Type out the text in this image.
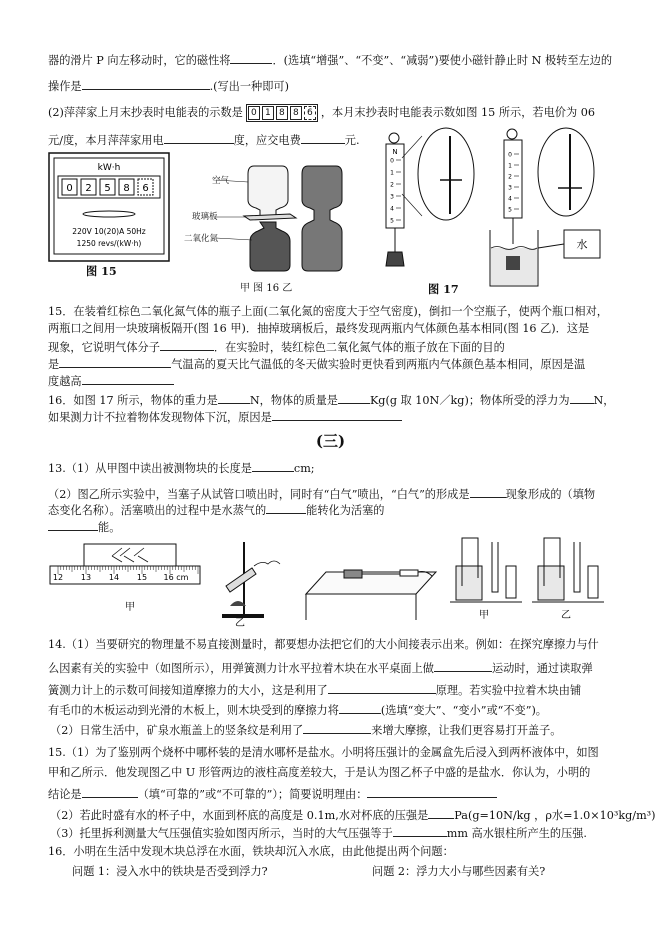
器的滑片 P 向左移动时，它的磁性将	．(选填“增强”、“不变”、“减弱”)要使小磁针静止时 N 极转至左边的
操作是	.(写出一种即可)
(2)萍萍家上月末抄表时电能表的示数是 0 1 8 8 6 ，本月末抄表时电能表示数如图 15 所示，若电价为 06
元/度，本月萍萍家用电	度，应交电费	元.
kW·h
0 2 5 8 6
220V 10(20)A 50Hz
1250 revs/(kW·h)
图 15
空气
玻璃板
二氧化氮
甲 图 16 乙
N
0
1
2
3
4
5
0
1
2
3
4
5
水
图 17
15．在装着红棕色二氧化氮气体的瓶子上面(二氧化氮的密度大于空气密度)，倒扣一个空瓶子，使两个瓶口相对，
两瓶口之间用一块玻璃板隔开(图 16 甲)．抽掉玻璃板后，最终发现两瓶内气体颜色基本相同(图 16 乙)．这是
现象，它说明气体分子	．在实验时，装红棕色二氧化氮气体的瓶子放在下面的目的
是	气温高的夏天比气温低的冬天做实验时更快看到两瓶内气体颜色基本相同，原因是温
度越高
16．如图 17 所示，物体的重力是	N，物体的质量是	Kg(g 取 10N／kg)；物体所受的浮力为 N，
如果测力计不拉着物体发现物体下沉，原因是
(三)
13.（1）从甲图中读出被测物块的长度是	cm;
（2）图乙所示实验中，当塞子从试管口喷出时，同时有“白气”喷出，“白气”的形成是	现象形成的（填物
态变化名称）。活塞喷出的过程中是水蒸气的	能转化为活塞的
能。
12 13 14 15 16 cm
甲
乙
甲	乙
14.（1）当要研究的物理量不易直接测量时，都要想办法把它们的大小间接表示出来。例如：在探究摩擦力与什
么因素有关的实验中（如图所示），用弹簧测力计水平拉着木块在水平桌面上做	运动时，通过读取弹
簧测力计上的示数可间接知道摩擦力的大小，这是利用了	原理。若实验中拉着木块由铺
有毛巾的木板运动到光滑的木板上，则木块受到的摩擦力将	(选填“变大”、“变小”或“不变”)。
（2）日常生活中，矿泉水瓶盖上的竖条纹是利用了	来增大摩擦，让我们更容易打开盖子。
15.（1）为了鉴别两个烧杯中哪杯装的是清水哪杯是盐水。小明将压强计的金属盒先后浸入到两杯液体中，如图
甲和乙所示．他发现图乙中 U 形管两边的液柱高度差较大，于是认为图乙杯子中盛的是盐水．你认为，小明的
结论是	（填“可靠的”或“不可靠的”）；简要说明理由：
（2）若此时盛有水的杯子中，水面到杯底的高度是 0.1m,水对杯底的压强是 Pa(g=10N/kg ，ρ水=1.0×10³kg/m³)
（3）托里拆利测量大气压强值实验如图丙所示，当时的大气压强等于	mm 高水银柱所产生的压强.
16．小明在生活中发现木块总浮在水面，铁块却沉入水底，由此他提出两个问题：
问题 1：浸入水中的铁块是否受到浮力?	问题 2：浮力大小与哪些因素有关?
